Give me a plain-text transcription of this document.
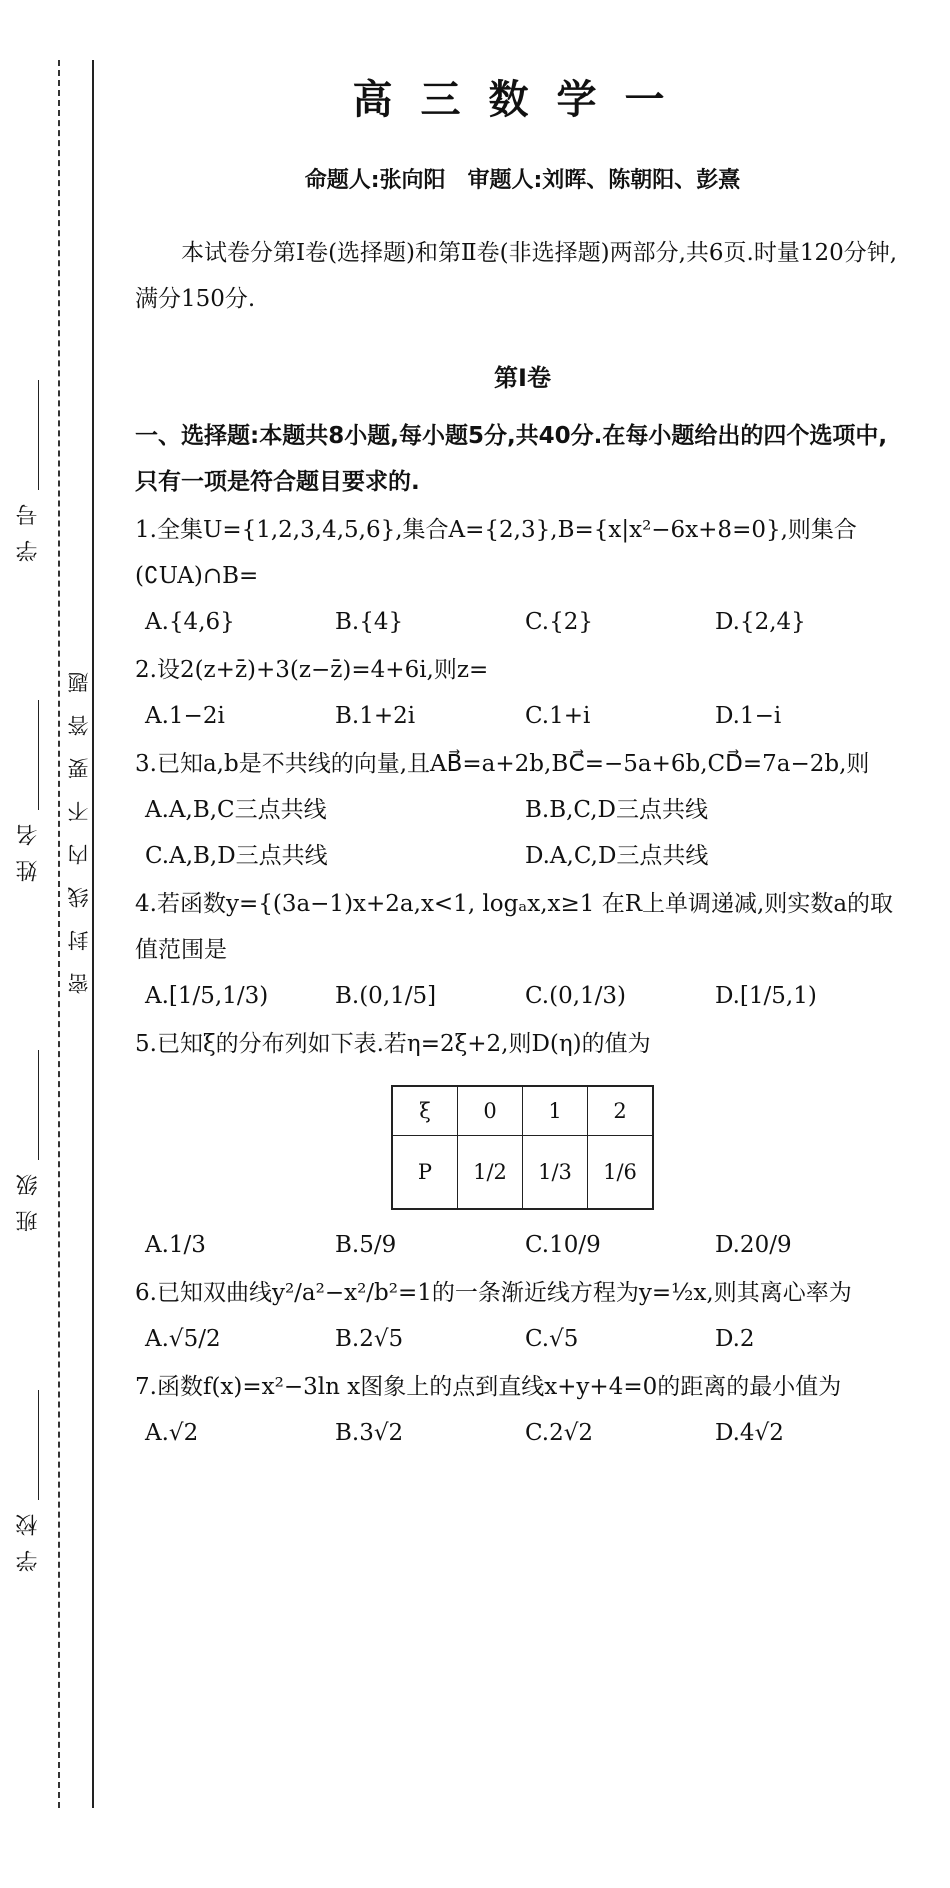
学号
姓名
班级
学校
密封线内不要答题
高三数学一
命题人:张向阳　审题人:刘晖、陈朝阳、彭熹
本试卷分第Ⅰ卷(选择题)和第Ⅱ卷(非选择题)两部分,共6页.时量120分钟,满分150分.
第Ⅰ卷
一、选择题:本题共8小题,每小题5分,共40分.在每小题给出的四个选项中,只有一项是符合题目要求的.
1.全集U={1,2,3,4,5,6},集合A={2,3},B={x|x²−6x+8=0},则集合(∁UA)∩B=
A.{4,6}	B.{4}	C.{2}	D.{2,4}
2.设2(z+z̄)+3(z−z̄)=4+6i,则z=
A.1−2i	B.1+2i	C.1+i	D.1−i
3.已知a,b是不共线的向量,且AB⃗=a+2b,BC⃗=−5a+6b,CD⃗=7a−2b,则
A.A,B,C三点共线	B.B,C,D三点共线
C.A,B,D三点共线	D.A,C,D三点共线
4.若函数y={(3a−1)x+2a,x<1, logₐx,x≥1 在R上单调递减,则实数a的取值范围是
A.[1/5,1/3)	B.(0,1/5]	C.(0,1/3)	D.[1/5,1)
5.已知ξ的分布列如下表.若η=2ξ+2,则D(η)的值为
ξ	0	1	2
P	1/2	1/3	1/6
A.1/3	B.5/9	C.10/9	D.20/9
6.已知双曲线y²/a²−x²/b²=1的一条渐近线方程为y=½x,则其离心率为
A.√5/2	B.2√5	C.√5	D.2
7.函数f(x)=x²−3ln x图象上的点到直线x+y+4=0的距离的最小值为
A.√2	B.3√2	C.2√2	D.4√2
